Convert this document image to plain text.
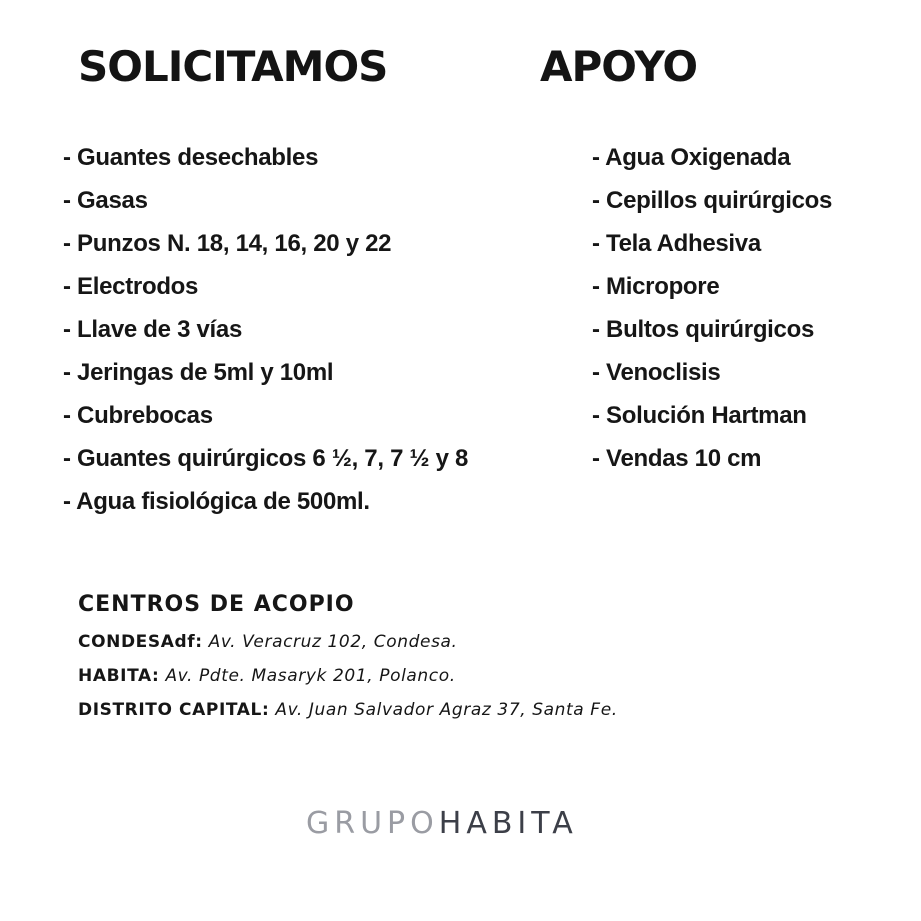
SOLICITAMOS	APOYO
- Guantes desechables
- Gasas
- Punzos N. 18, 14, 16, 20 y 22
- Electrodos
- Llave de 3 vías
- Jeringas de 5ml y 10ml
- Cubrebocas
- Guantes quirúrgicos 6 ½, 7, 7 ½ y 8
- Agua fisiológica de 500ml.
- Agua Oxigenada
- Cepillos quirúrgicos
- Tela Adhesiva
- Micropore
- Bultos quirúrgicos
- Venoclisis
- Solución Hartman
- Vendas 10 cm
CENTROS DE ACOPIO
CONDESAdf: Av. Veracruz 102, Condesa.
HABITA: Av. Pdte. Masaryk 201, Polanco.
DISTRITO CAPITAL: Av. Juan Salvador Agraz 37, Santa Fe.
GRUPOHABITA
